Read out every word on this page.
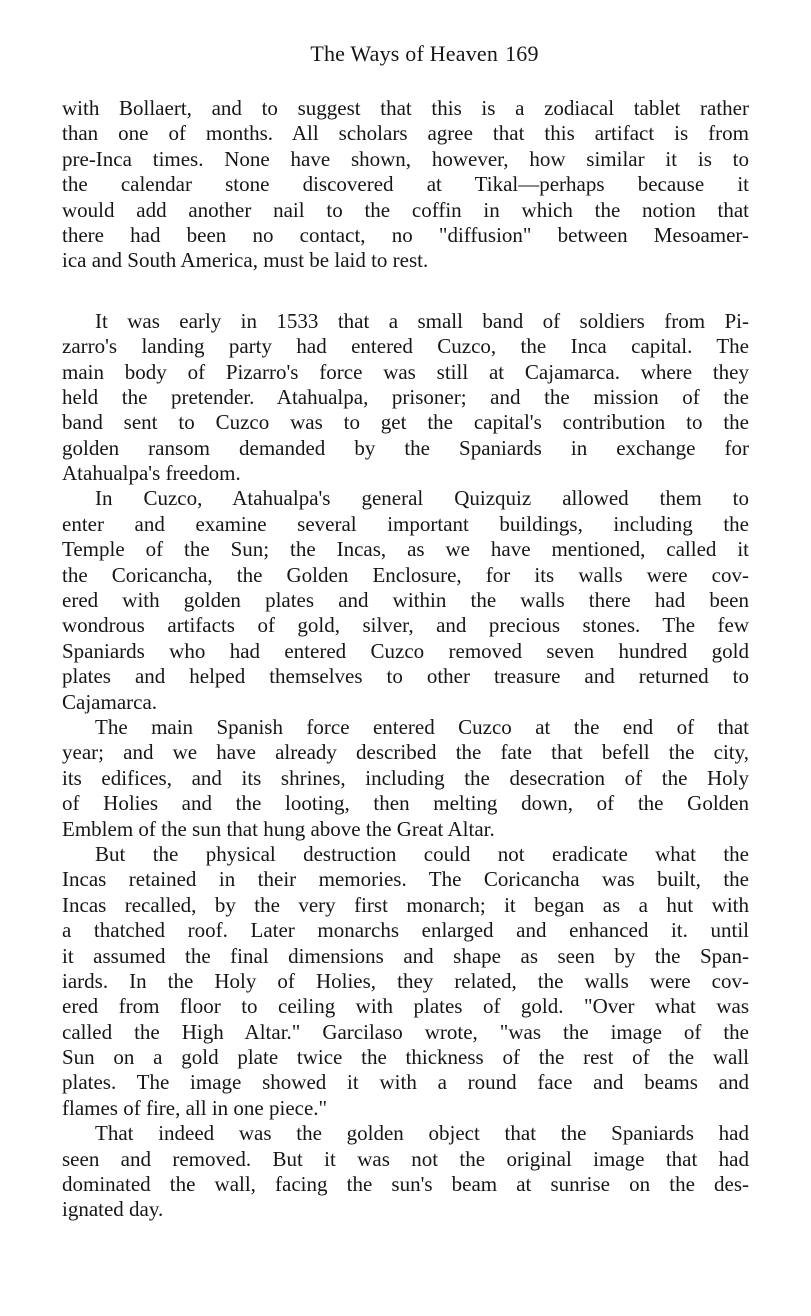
The Ways of Heaven 169
with Bollaert, and to suggest that this is a zodiacal tablet rather
than one of months. All scholars agree that this artifact is from
pre-Inca times. None have shown, however, how similar it is to
the calendar stone discovered at Tikal—perhaps because it
would add another nail to the coffin in which the notion that
there had been no contact, no "diffusion" between Mesoamer-
ica and South America, must be laid to rest.
It was early in 1533 that a small band of soldiers from Pi-
zarro's landing party had entered Cuzco, the Inca capital. The
main body of Pizarro's force was still at Cajamarca. where they
held the pretender. Atahualpa, prisoner; and the mission of the
band sent to Cuzco was to get the capital's contribution to the
golden ransom demanded by the Spaniards in exchange for
Atahualpa's freedom.
In Cuzco, Atahualpa's general Quizquiz allowed them to
enter and examine several important buildings, including the
Temple of the Sun; the Incas, as we have mentioned, called it
the Coricancha, the Golden Enclosure, for its walls were cov-
ered with golden plates and within the walls there had been
wondrous artifacts of gold, silver, and precious stones. The few
Spaniards who had entered Cuzco removed seven hundred gold
plates and helped themselves to other treasure and returned to
Cajamarca.
The main Spanish force entered Cuzco at the end of that
year; and we have already described the fate that befell the city,
its edifices, and its shrines, including the desecration of the Holy
of Holies and the looting, then melting down, of the Golden
Emblem of the sun that hung above the Great Altar.
But the physical destruction could not eradicate what the
Incas retained in their memories. The Coricancha was built, the
Incas recalled, by the very first monarch; it began as a hut with
a thatched roof. Later monarchs enlarged and enhanced it. until
it assumed the final dimensions and shape as seen by the Span-
iards. In the Holy of Holies, they related, the walls were cov-
ered from floor to ceiling with plates of gold. "Over what was
called the High Altar." Garcilaso wrote, "was the image of the
Sun on a gold plate twice the thickness of the rest of the wall
plates. The image showed it with a round face and beams and
flames of fire, all in one piece."
That indeed was the golden object that the Spaniards had
seen and removed. But it was not the original image that had
dominated the wall, facing the sun's beam at sunrise on the des-
ignated day.
